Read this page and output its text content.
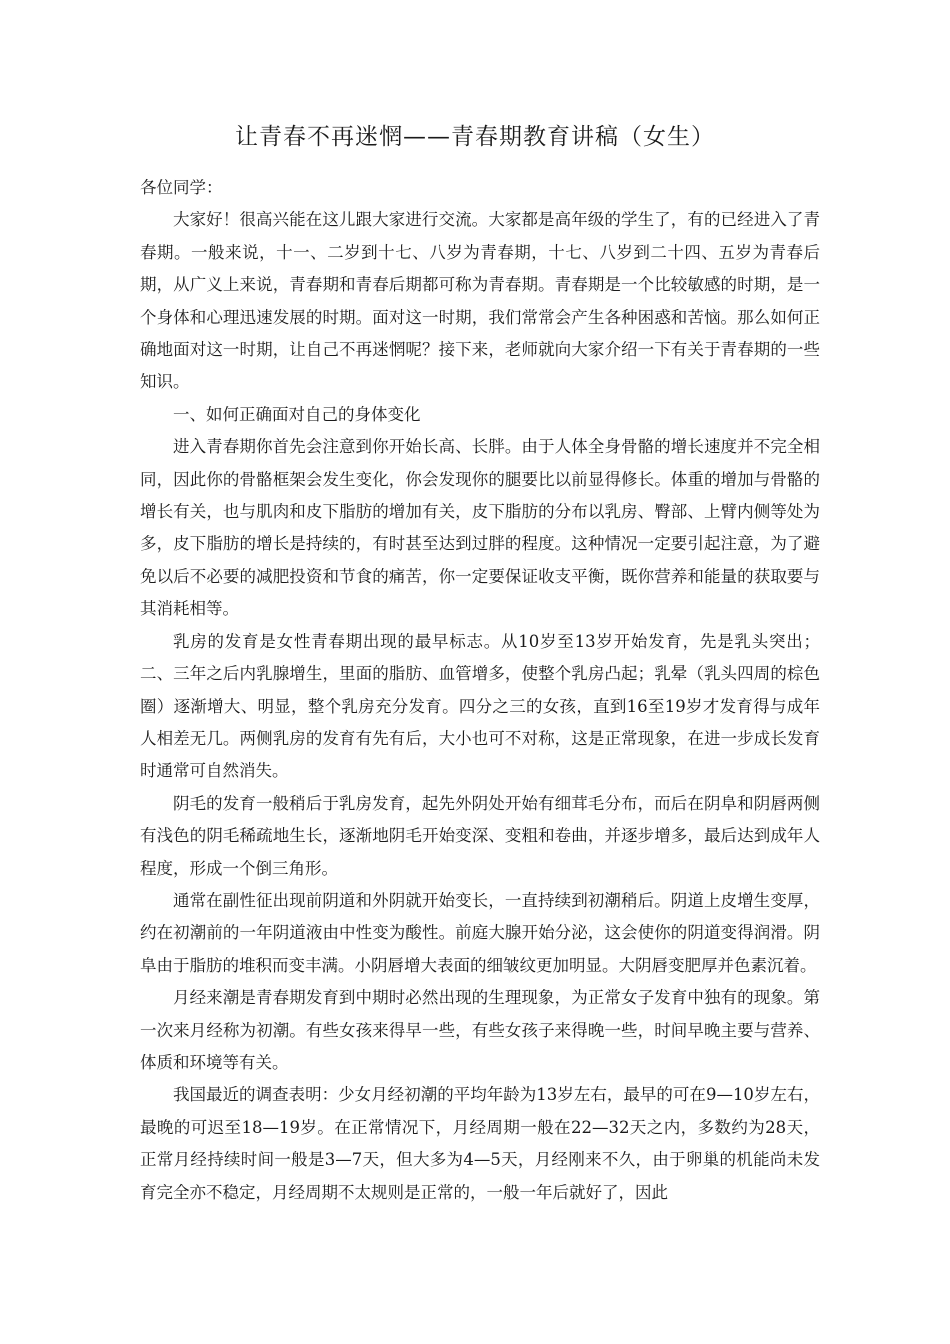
让青春不再迷惘——青春期教育讲稿（女生）

各位同学：

大家好！很高兴能在这儿跟大家进行交流。大家都是高年级的学生了，有的已经进入了青春期。一般来说，十一、二岁到十七、八岁为青春期，十七、八岁到二十四、五岁为青春后期，从广义上来说，青春期和青春后期都可称为青春期。青春期是一个比较敏感的时期，是一个身体和心理迅速发展的时期。面对这一时期，我们常常会产生各种困惑和苦恼。那么如何正确地面对这一时期，让自己不再迷惘呢？接下来，老师就向大家介绍一下有关于青春期的一些知识。

一、如何正确面对自己的身体变化

进入青春期你首先会注意到你开始长高、长胖。由于人体全身骨骼的增长速度并不完全相同，因此你的骨骼框架会发生变化，你会发现你的腿要比以前显得修长。体重的增加与骨骼的增长有关，也与肌肉和皮下脂肪的增加有关，皮下脂肪的分布以乳房、臀部、上臂内侧等处为多，皮下脂肪的增长是持续的，有时甚至达到过胖的程度。这种情况一定要引起注意，为了避免以后不必要的减肥投资和节食的痛苦，你一定要保证收支平衡，既你营养和能量的获取要与其消耗相等。

乳房的发育是女性青春期出现的最早标志。从10岁至13岁开始发育，先是乳头突出；二、三年之后内乳腺增生，里面的脂肪、血管增多，使整个乳房凸起；乳晕（乳头四周的棕色圈）逐渐增大、明显，整个乳房充分发育。四分之三的女孩，直到16至19岁才发育得与成年人相差无几。两侧乳房的发育有先有后，大小也可不对称，这是正常现象，在进一步成长发育时通常可自然消失。

阴毛的发育一般稍后于乳房发育，起先外阴处开始有细茸毛分布，而后在阴阜和阴唇两侧有浅色的阴毛稀疏地生长，逐渐地阴毛开始变深、变粗和卷曲，并逐步增多，最后达到成年人程度，形成一个倒三角形。

通常在副性征出现前阴道和外阴就开始变长，一直持续到初潮稍后。阴道上皮增生变厚，约在初潮前的一年阴道液由中性变为酸性。前庭大腺开始分泌，这会使你的阴道变得润滑。阴阜由于脂肪的堆积而变丰满。小阴唇增大表面的细皱纹更加明显。大阴唇变肥厚并色素沉着。

月经来潮是青春期发育到中期时必然出现的生理现象，为正常女子发育中独有的现象。第一次来月经称为初潮。有些女孩来得早一些，有些女孩子来得晚一些，时间早晚主要与营养、体质和环境等有关。

我国最近的调查表明：少女月经初潮的平均年龄为13岁左右，最早的可在9—10岁左右，最晚的可迟至18—19岁。在正常情况下，月经周期一般在22—32天之内，多数约为28天，正常月经持续时间一般是3—7天，但大多为4—5天，月经刚来不久，由于卵巢的机能尚未发育完全亦不稳定，月经周期不太规则是正常的，一般一年后就好了，因此
